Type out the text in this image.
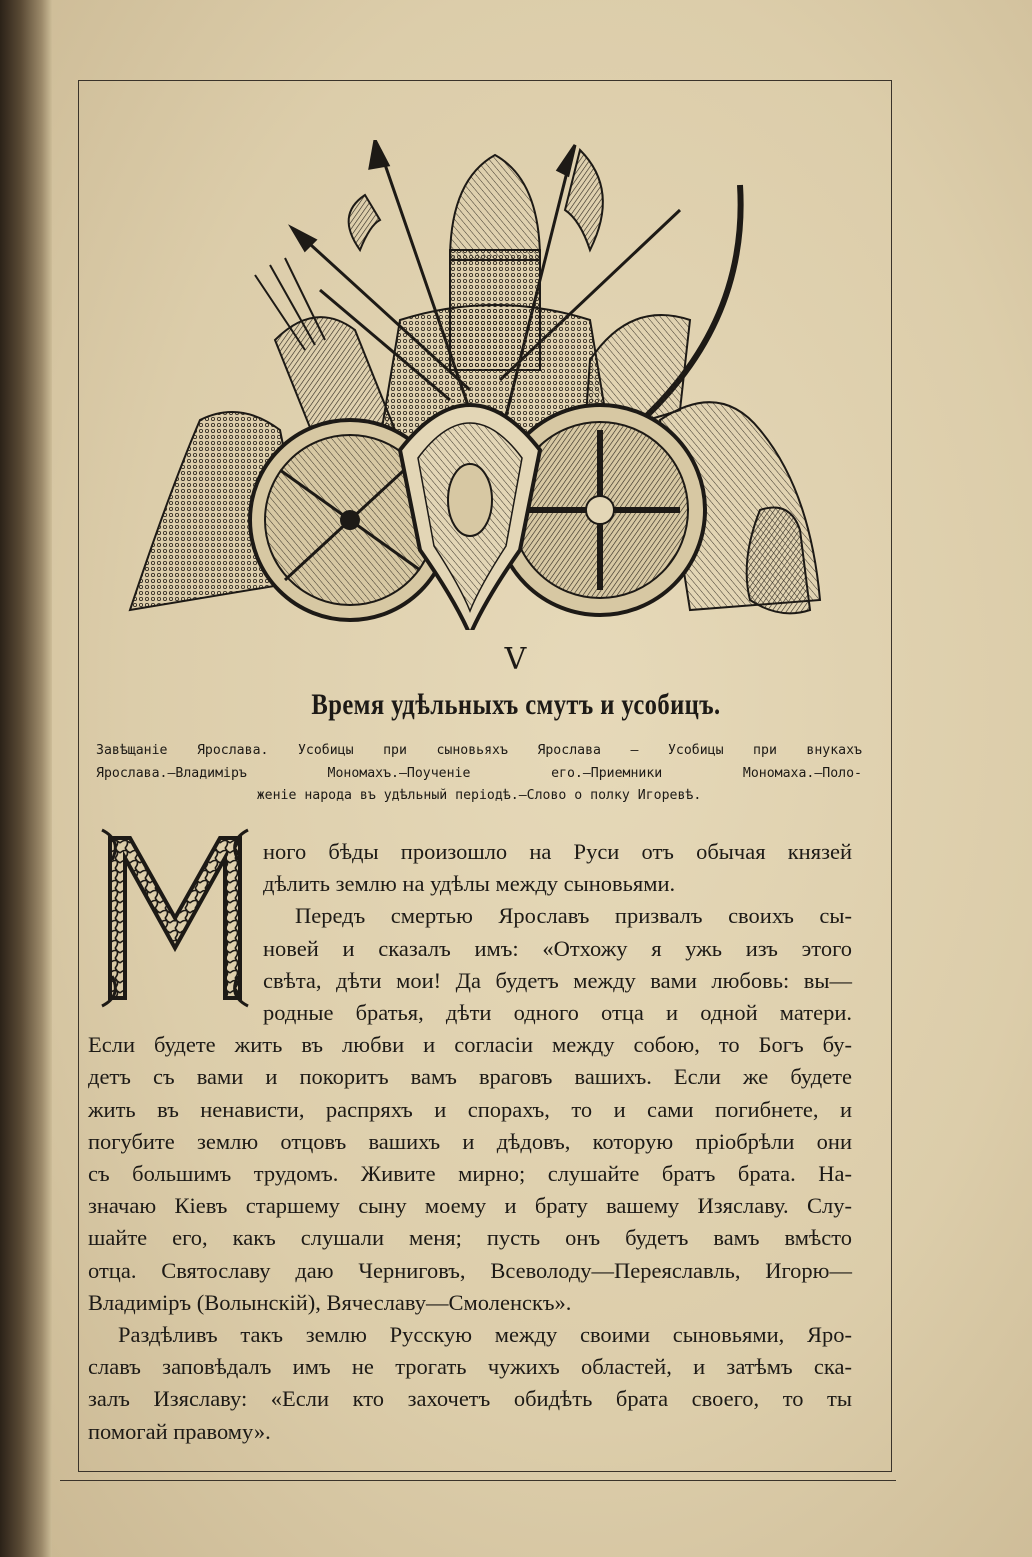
V
Время удѣльныхъ смутъ и усобицъ.
Завѣщаніе Ярослава. Усобицы при сыновьяхъ Ярослава — Усобицы при внукахъ
Ярослава.—Владиміръ Мономахъ.—Поученіе его.—Приемники Мономаха.—Поло-
женіе народа въ удѣльный періодѣ.—Слово о полку Игоревѣ.
ного бѣды произошло на Руси отъ обычая князей
дѣлить землю на удѣлы между сыновьями.
Передъ смертью Ярославъ призвалъ своихъ сы-
новей и сказалъ имъ: «Отхожу я ужь изъ этого
свѣта, дѣти мои! Да будетъ между вами любовь: вы—
родные братья, дѣти одного отца и одной матери.
Если будете жить въ любви и согласіи между собою, то Богъ бу-
детъ съ вами и покоритъ вамъ враговъ вашихъ. Если же будете
жить въ ненависти, распряхъ и спорахъ, то и сами погибнете, и
погубите землю отцовъ вашихъ и дѣдовъ, которую пріобрѣли они
съ большимъ трудомъ. Живите мирно; слушайте братъ брата. На-
значаю Кіевъ старшему сыну моему и брату вашему Изяславу. Слу-
шайте его, какъ слушали меня; пусть онъ будетъ вамъ вмѣсто
отца. Святославу даю Черниговъ, Всеволоду—Переяславль, Игорю—
Владиміръ (Волынскій), Вячеславу—Смоленскъ».
Раздѣливъ такъ землю Русскую между своими сыновьями, Яро-
славъ заповѣдалъ имъ не трогать чужихъ областей, и затѣмъ ска-
залъ Изяславу: «Если кто захочетъ обидѣть брата своего, то ты
помогай правому».
